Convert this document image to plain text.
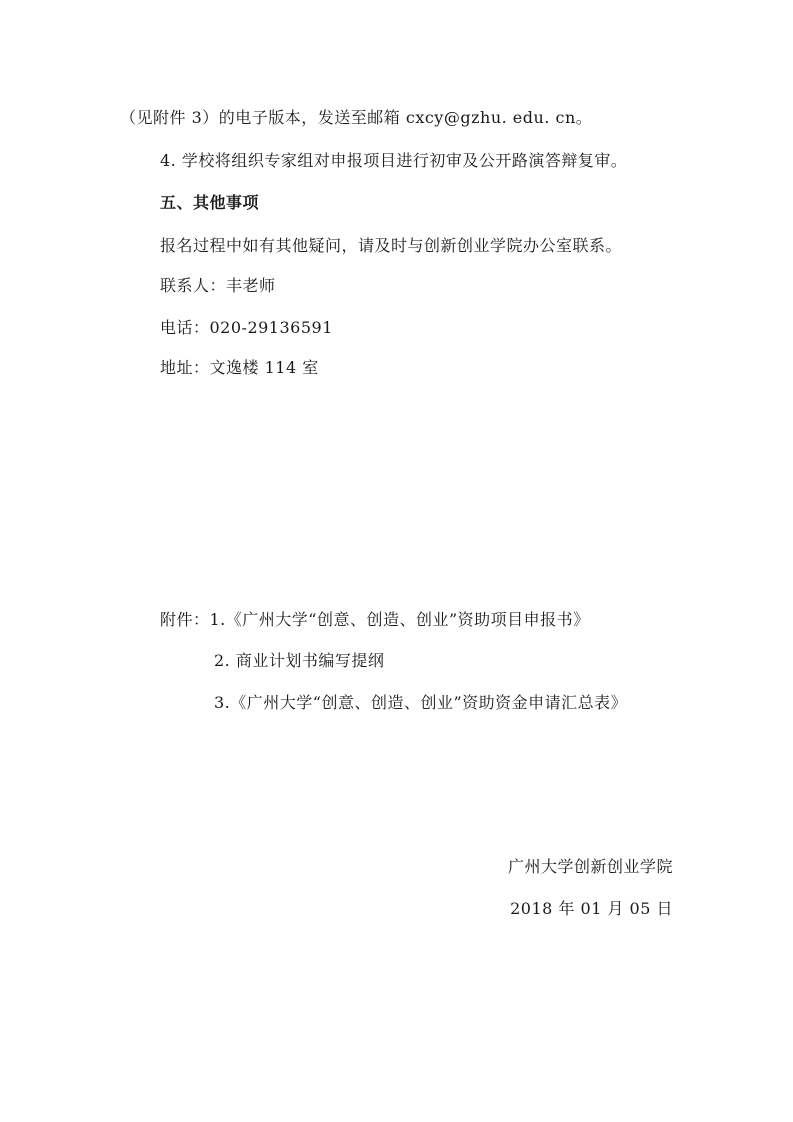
（见附件 3）的电子版本，发送至邮箱 cxcy@gzhu. edu. cn。
4. 学校将组织专家组对申报项目进行初审及公开路演答辩复审。
五、其他事项
报名过程中如有其他疑问，请及时与创新创业学院办公室联系。
联系人：丰老师
电话：020-29136591
地址：文逸楼 114 室
附件：1.《广州大学“创意、创造、创业”资助项目申报书》
2. 商业计划书编写提纲
3.《广州大学“创意、创造、创业”资助资金申请汇总表》
广州大学创新创业学院
2018 年 01 月 05 日
